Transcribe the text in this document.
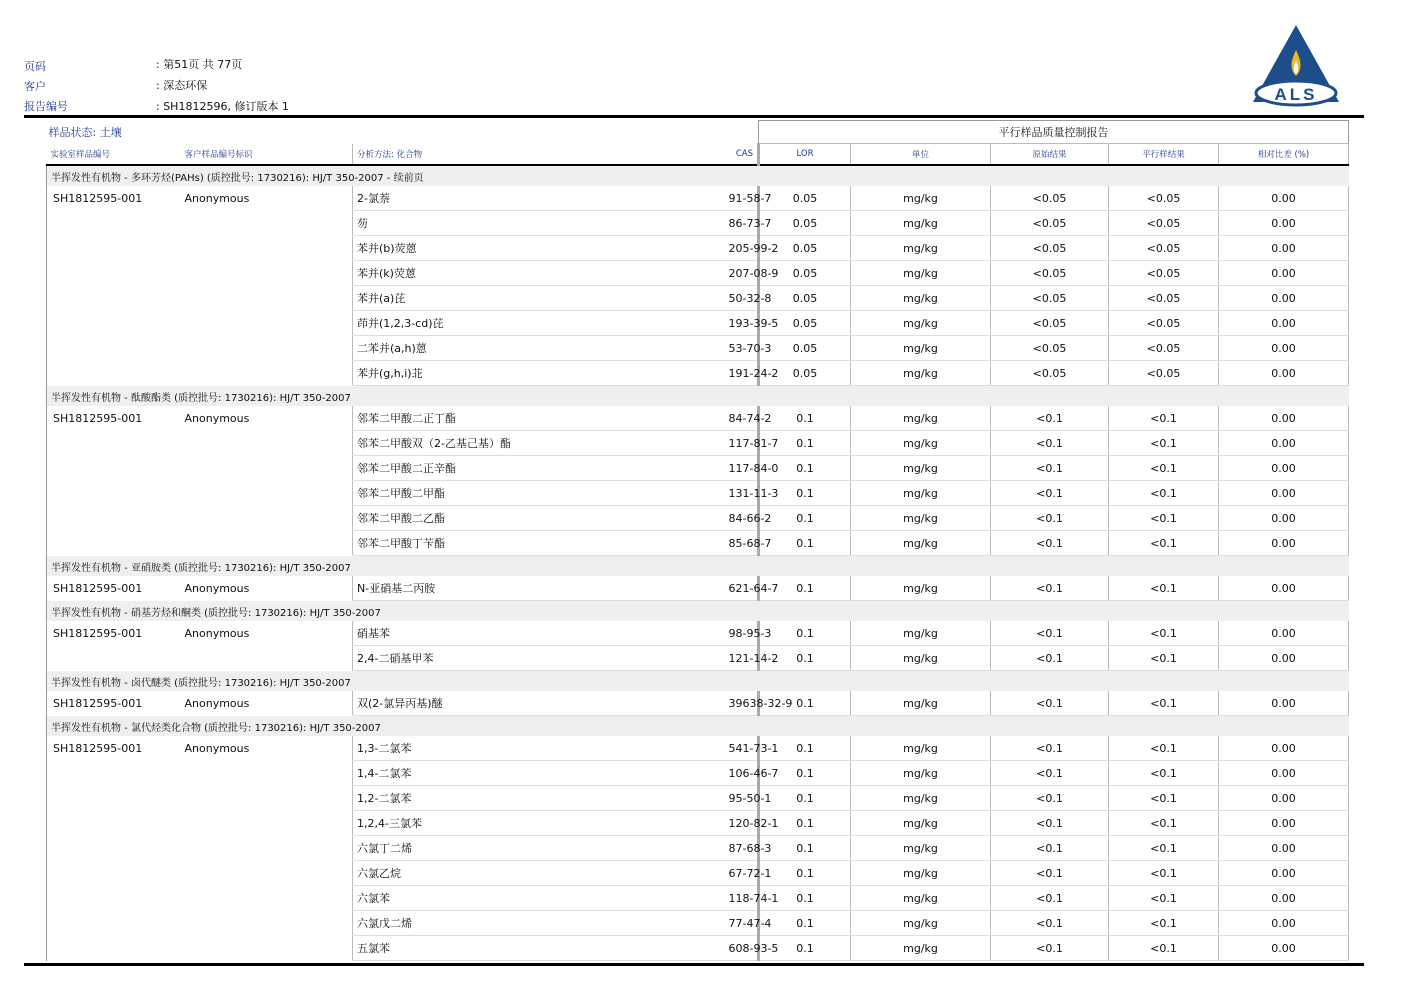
页码	: 第51页 共 77页
客户	: 深态环保
报告编号	: SH1812596, 修订版本 1
ALS
样品状态: 土壤				平行样品质量控制报告				
实验室样品编号	客户样品编号标识	分析方法: 化合物	CAS	LOR	单位	原始结果	平行样结果	相对比差 (%)
半挥发性有机物 - 多环芳烃(PAHs) (质控批号: 1730216): HJ/T 350-2007 - 续前页								
SH1812595-001	Anonymous	2-氯萘	91-58-7	0.05	mg/kg	<0.05	<0.05	0.00
		芴	86-73-7	0.05	mg/kg	<0.05	<0.05	0.00
		苯并(b)荧蒽	205-99-2	0.05	mg/kg	<0.05	<0.05	0.00
		苯并(k)荧蒽	207-08-9	0.05	mg/kg	<0.05	<0.05	0.00
		苯并(a)芘	50-32-8	0.05	mg/kg	<0.05	<0.05	0.00
		茚并(1,2,3-cd)芘	193-39-5	0.05	mg/kg	<0.05	<0.05	0.00
		二苯并(a,h)蒽	53-70-3	0.05	mg/kg	<0.05	<0.05	0.00
		苯并(g,h,i)苝	191-24-2	0.05	mg/kg	<0.05	<0.05	0.00
半挥发性有机物 - 酞酸酯类 (质控批号: 1730216): HJ/T 350-2007								
SH1812595-001	Anonymous	邻苯二甲酸二正丁酯	84-74-2	0.1	mg/kg	<0.1	<0.1	0.00
		邻苯二甲酸双（2-乙基己基）酯	117-81-7	0.1	mg/kg	<0.1	<0.1	0.00
		邻苯二甲酸二正辛酯	117-84-0	0.1	mg/kg	<0.1	<0.1	0.00
		邻苯二甲酸二甲酯	131-11-3	0.1	mg/kg	<0.1	<0.1	0.00
		邻苯二甲酸二乙酯	84-66-2	0.1	mg/kg	<0.1	<0.1	0.00
		邻苯二甲酸丁苄酯	85-68-7	0.1	mg/kg	<0.1	<0.1	0.00
半挥发性有机物 - 亚硝胺类 (质控批号: 1730216): HJ/T 350-2007								
SH1812595-001	Anonymous	N-亚硝基二丙胺	621-64-7	0.1	mg/kg	<0.1	<0.1	0.00
半挥发性有机物 - 硝基芳烃和酮类 (质控批号: 1730216): HJ/T 350-2007								
SH1812595-001	Anonymous	硝基苯	98-95-3	0.1	mg/kg	<0.1	<0.1	0.00
		2,4-二硝基甲苯	121-14-2	0.1	mg/kg	<0.1	<0.1	0.00
半挥发性有机物 - 卤代醚类 (质控批号: 1730216): HJ/T 350-2007								
SH1812595-001	Anonymous	双(2-氯异丙基)醚	39638-32-9	0.1	mg/kg	<0.1	<0.1	0.00
半挥发性有机物 - 氯代烃类化合物 (质控批号: 1730216): HJ/T 350-2007								
SH1812595-001	Anonymous	1,3-二氯苯	541-73-1	0.1	mg/kg	<0.1	<0.1	0.00
		1,4-二氯苯	106-46-7	0.1	mg/kg	<0.1	<0.1	0.00
		1,2-二氯苯	95-50-1	0.1	mg/kg	<0.1	<0.1	0.00
		1,2,4-三氯苯	120-82-1	0.1	mg/kg	<0.1	<0.1	0.00
		六氯丁二烯	87-68-3	0.1	mg/kg	<0.1	<0.1	0.00
		六氯乙烷	67-72-1	0.1	mg/kg	<0.1	<0.1	0.00
		六氯苯	118-74-1	0.1	mg/kg	<0.1	<0.1	0.00
		六氯戊二烯	77-47-4	0.1	mg/kg	<0.1	<0.1	0.00
		五氯苯	608-93-5	0.1	mg/kg	<0.1	<0.1	0.00
